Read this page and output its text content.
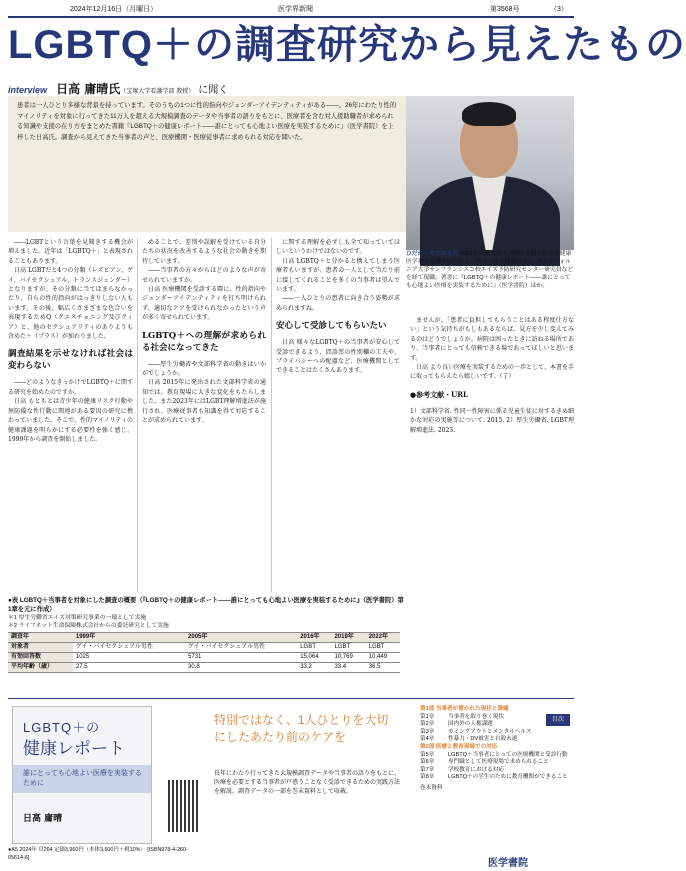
2024年12月16日（月曜日）	医学界新聞	第3568号	（3）
LGBTQ＋の調査研究から見えたもの
interview 日高 庸晴氏（宝塚大学看護学部 教授） に聞く
患者は一人ひとり多様な背景を持っています。そのうちの1つに性的指向やジェンダーアイデンティティがある――。26年にわたり性的マイノリティを対象に行ってきた11万人を超える大規模調査のデータや当事者の語りをもとに、医療者を含む対人援助職者が求められる知識や支援の在り方をまとめた書籍『LGBTQ＋の健康レポート――誰にとっても心地よい医療を実装するために』（医学書院）を上梓した日高氏。調査から見えてきた当事者の声と、医療機関・医療従事者に求められる対応を聞いた。
ひだか・やすはる氏 2004年京都大学大学院医学研究科社会健康医学系専攻博士課程修了。博士（社会健康医学）。米カリフォルニア大学サンフランシスコ校エイズ予防研究センター研究員などを経て現職。著書に『LGBTQ＋の健康レポート――誰にとっても心地よい医療を実装するために』（医学書院）ほか。

――LGBTという言葉を見聞きする機会が増えました。近年は「LGBTQ＋」と表現されることもあります。

日高 LGBTだと4つの分類（レズビアン、ゲイ、バイセクシュアル、トランスジェンダー）となりますが、その分類に当てはまらなかったり、自らの性的指向がはっきりしない人もいます。その後、幅広くさまざまな色合いを表現するためQ（クエスチョニング及びクィア）と、他のセクシュアリティのありようも含めた＋（プラス）が加わりました。

調査結果を示せなければ社会は変わらない

――どのようなきっかけでLGBTQ＋に関する研究を始めたのですか。

日高 もともとは青少年の健康リスク行動や無防備な性行動に関連がある要因の研究に携わっていました。そこで、性的マイノリティの健康課題を明らかにする必要性を強く感じ、1999年から調査を開始しました。

めることで、差別や誤解を受けている自分たちの状況を改善するような社会の動きを期待しています。

――当事者の方々からはどのような声が寄せられていますか。

日高 医療機関を受診する際に、性的指向やジェンダーアイデンティティを打ち明けられず、適切なケアを受けられなかったという声が多く寄せられています。

LGBTQ＋への理解が求められる社会になってきた

――厚生労働省や文部科学省の動きはいかがでしょうか。

日高 2015年に発出された文部科学省の通知では、教育現場に大きな変化をもたらしました。また2023年にはLGBT理解増進法が施行され、医療従事者も知識を得て対応することが求められています。

に関する理解を必ずしも全て知っていてほしいというわけではないのです。

日高 LGBTQ＋と分かると構えてしまう医療者もいますが、患者の一人として当たり前に接してくれることを多くの当事者は望んでいます。

――一人ひとりの患者に向き合う姿勢が求められますね。

安心して受診してもらいたい

日高 様々なLGBTQ＋の当事者が安心して受診できるよう、問診票の性別欄の工夫や、プライバシーへの配慮など、医療機関としてできることはたくさんあります。

ませんが、「患者に負担してもらうことはある程度仕方ない」という気持ちがもしもあるならば、見方を少し変えてみるのはどうでしょうか。病院は困ったときに訪ねる場所であり、当事者にとっても信頼できる場であってほしいと思います。

日高 より良い医療を実装するための一歩として、本書を手に取ってもらえたら嬉しいです。（了）

●参考文献・URL

1）文部科学省. 性同一性障害に係る児童生徒に対するきめ細かな対応の実施等について. 2015. 2）厚生労働省. LGBT理解増進法. 2023.

●表 LGBTQ＋当事者を対象にした調査の概要（『LGBTQ＋の健康レポート――誰にとっても心地よい医療を実装するために』（医学書院）第1章を元に作成）
＊1 厚生労働省エイズ対策研究事業の一環として実施
＊2 ライフネット生命保険株式会社からの委託研究として実施
調査年	1999年	2005年	2016年	2019年	2022年
対象者	ゲイ・バイセクシュアル男性	ゲイ・バイセクシュアル男性	LGBT	LGBT	LGBT
有効回答数	1025	5731	15,064	10,769	10,449
平均年齢（歳）	27.5	30.8	33.2	33.4	36.5
LGBTQ＋の
健康レポート
誰にとっても心地よい医療を実装するために
日高 庸晴
●A5 2024年 頁264 定価3,960円（本体3,600円＋税10%） [ISBN978-4-260-05614-6]
特別ではなく、1人ひとりを大切にしたあたり前のケアを
長年にわたり行ってきた大規模調査データや当事者の語りをもとに、医療を必要とする当事者が戸惑うことなく受診できるための実践方法を解説。調査データの一部を巻末資料として収載。
目次
第1部 当事者が置かれた現状と課題
第1章	当事者を取り巻く現状
第2章	国内外の人権課題
第3章	カミングアウトとメンタルヘルス
第4章	性暴力・DV被害と自殺未遂
第2部 医療と教育現場での対応
第5章	LGBTQ＋当事者にとっての医療機関と受診行動
第6章	専門職として医療現場で求められること
第7章	学校教育における対応
第8章	LGBTQ＋の学生のために教育機関ができること
巻末資料
医学書院
